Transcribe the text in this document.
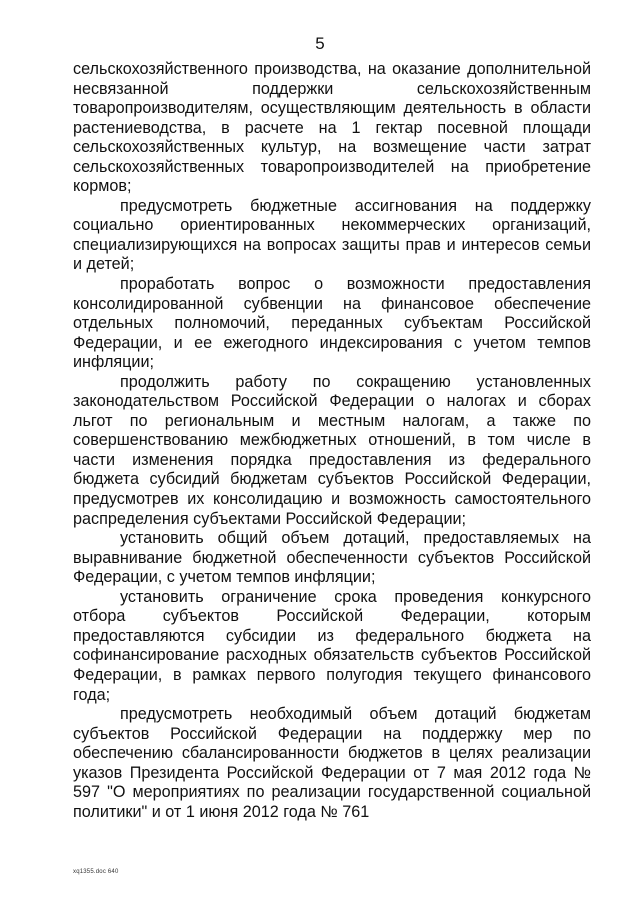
5

сельскохозяйственного производства, на оказание дополнительной несвязанной поддержки сельскохозяйственным товаропроизводителям, осуществляющим деятельность в области растениеводства, в расчете на 1 гектар посевной площади сельскохозяйственных культур, на возмещение части затрат сельскохозяйственных товаропроизводителей на приобретение кормов;

предусмотреть бюджетные ассигнования на поддержку социально ориентированных некоммерческих организаций, специализирующихся на вопросах защиты прав и интересов семьи и детей;

проработать вопрос о возможности предоставления консолидированной субвенции на финансовое обеспечение отдельных полномочий, переданных субъектам Российской Федерации, и ее ежегодного индексирования с учетом темпов инфляции;

продолжить работу по сокращению установленных законодательством Российской Федерации о налогах и сборах льгот по региональным и местным налогам, а также по совершенствованию межбюджетных отношений, в том числе в части изменения порядка предоставления из федерального бюджета субсидий бюджетам субъектов Российской Федерации, предусмотрев их консолидацию и возможность самостоятельного распределения субъектами Российской Федерации;

установить общий объем дотаций, предоставляемых на выравнивание бюджетной обеспеченности субъектов Российской Федерации, с учетом темпов инфляции;

установить ограничение срока проведения конкурсного отбора субъектов Российской Федерации, которым предоставляются субсидии из федерального бюджета на софинансирование расходных обязательств субъектов Российской Федерации, в рамках первого полугодия текущего финансового года;

предусмотреть необходимый объем дотаций бюджетам субъектов Российской Федерации на поддержку мер по обеспечению сбалансированности бюджетов в целях реализации указов Президента Российской Федерации от 7 мая 2012 года № 597 "О мероприятиях по реализации государственной социальной политики" и от 1 июня 2012 года № 761

xq1355.doc 640
